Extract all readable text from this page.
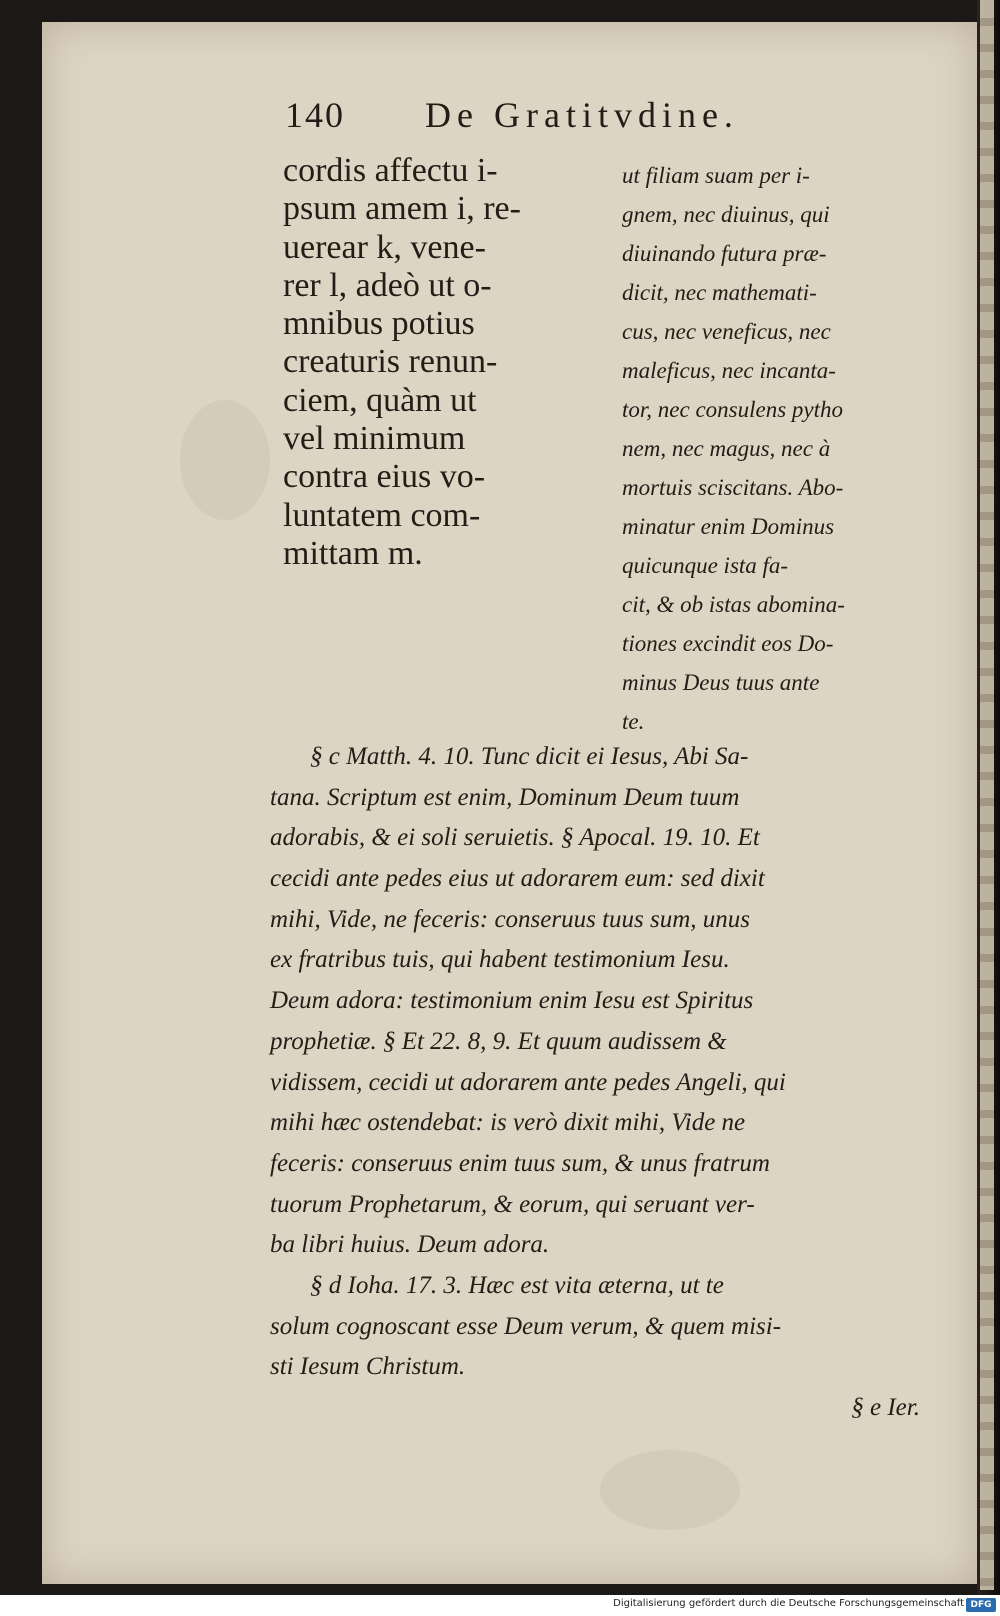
140 De Gratitvdine.
cordis affectu i-
psum amem i, re-
uerear k, vene-
rer l, adeò ut o-
mnibus potius
creaturis renun-
ciem, quàm ut
vel minimum
contra eius vo-
luntatem com-
mittam m.
ut filiam suam per i-
gnem, nec diuinus, qui
diuinando futura præ-
dicit, nec mathemati-
cus, nec veneficus, nec
maleficus, nec incanta-
tor, nec consulens pytho
nem, nec magus, nec à
mortuis sciscitans. Abo-
minatur enim Dominus
quicunque ista fa-
cit, & ob istas abomina-
tiones excindit eos Do-
minus Deus tuus ante
te.
§ c Matth. 4. 10. Tunc dicit ei Iesus, Abi Sa-
tana. Scriptum est enim, Dominum Deum tuum
adorabis, & ei soli seruietis. § Apocal. 19. 10. Et
cecidi ante pedes eius ut adorarem eum: sed dixit
mihi, Vide, ne feceris: conseruus tuus sum, unus
ex fratribus tuis, qui habent testimonium Iesu.
Deum adora: testimonium enim Iesu est Spiritus
prophetiæ. § Et 22. 8, 9. Et quum audissem &
vidissem, cecidi ut adorarem ante pedes Angeli, qui
mihi hæc ostendebat: is verò dixit mihi, Vide ne
feceris: conseruus enim tuus sum, & unus fratrum
tuorum Prophetarum, & eorum, qui seruant ver-
ba libri huius. Deum adora.
§ d Ioha. 17. 3. Hæc est vita æterna, ut te
solum cognoscant esse Deum verum, & quem misi-
sti Iesum Christum.
§ e Ier.
Digitalisierung gefördert durch die Deutsche Forschungsgemeinschaft DFG
